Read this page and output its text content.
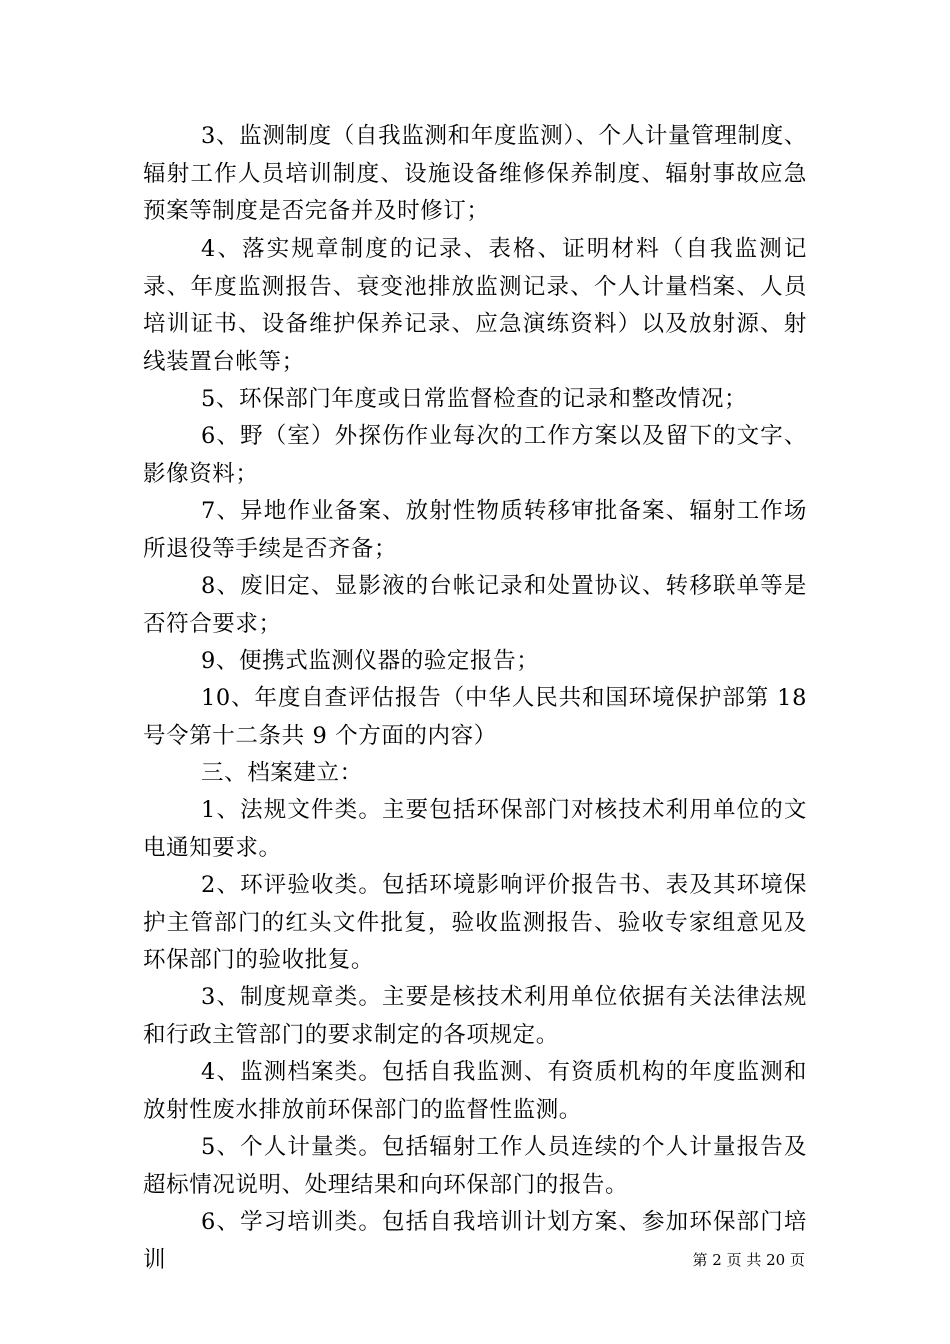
3、监测制度（自我监测和年度监测）、个人计量管理制度、辐射工作人员培训制度、设施设备维修保养制度、辐射事故应急预案等制度是否完备并及时修订；

4、落实规章制度的记录、表格、证明材料（自我监测记录、年度监测报告、衰变池排放监测记录、个人计量档案、人员培训证书、设备维护保养记录、应急演练资料）以及放射源、射线装置台帐等；

5、环保部门年度或日常监督检查的记录和整改情况；

6、野（室）外探伤作业每次的工作方案以及留下的文字、影像资料；

7、异地作业备案、放射性物质转移审批备案、辐射工作场所退役等手续是否齐备；

8、废旧定、显影液的台帐记录和处置协议、转移联单等是否符合要求；

9、便携式监测仪器的验定报告；

10、年度自查评估报告（中华人民共和国环境保护部第 18 号令第十二条共 9 个方面的内容）

三、档案建立：

1、法规文件类。主要包括环保部门对核技术利用单位的文电通知要求。

2、环评验收类。包括环境影响评价报告书、表及其环境保护主管部门的红头文件批复，验收监测报告、验收专家组意见及环保部门的验收批复。

3、制度规章类。主要是核技术利用单位依据有关法律法规和行政主管部门的要求制定的各项规定。

4、监测档案类。包括自我监测、有资质机构的年度监测和放射性废水排放前环保部门的监督性监测。

5、个人计量类。包括辐射工作人员连续的个人计量报告及超标情况说明、处理结果和向环保部门的报告。

6、学习培训类。包括自我培训计划方案、参加环保部门培训	第 2 页 共 20 页
